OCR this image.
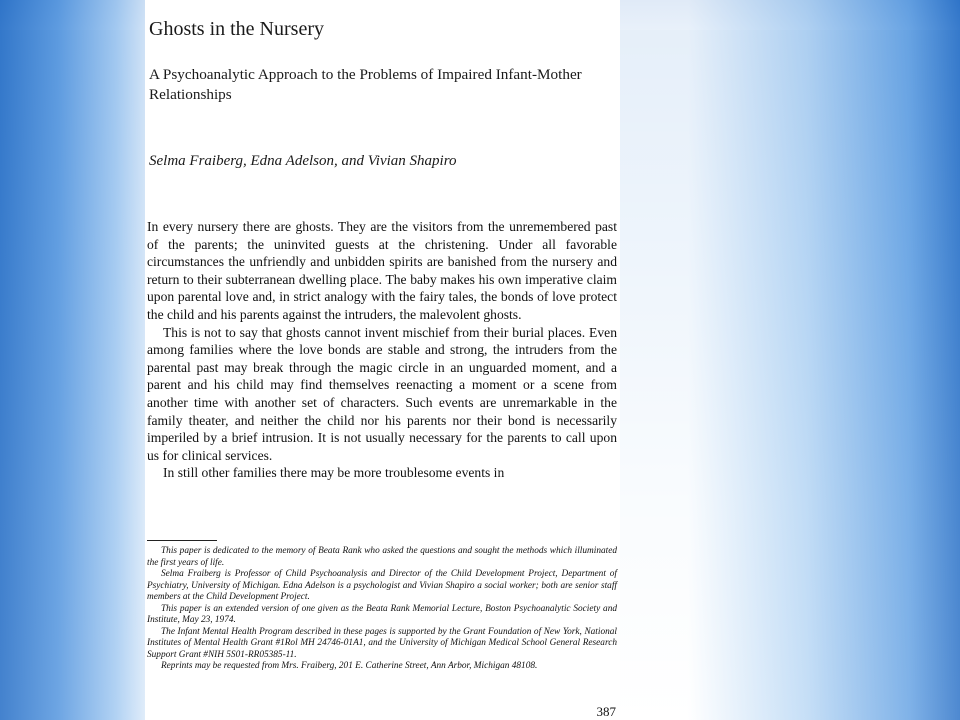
Ghosts in the Nursery
A Psychoanalytic Approach to the Problems of Impaired Infant-Mother Relationships
Selma Fraiberg, Edna Adelson, and Vivian Shapiro

In every nursery there are ghosts. They are the visitors from the unremembered past of the parents; the uninvited guests at the christening. Under all favorable circumstances the unfriendly and unbidden spirits are banished from the nursery and return to their subterranean dwelling place. The baby makes his own imperative claim upon parental love and, in strict analogy with the fairy tales, the bonds of love protect the child and his parents against the intruders, the malevolent ghosts.

This is not to say that ghosts cannot invent mischief from their burial places. Even among families where the love bonds are stable and strong, the intruders from the parental past may break through the magic circle in an unguarded moment, and a parent and his child may find themselves reenacting a moment or a scene from another time with another set of characters. Such events are unremarkable in the family theater, and neither the child nor his parents nor their bond is necessarily imperiled by a brief intrusion. It is not usually necessary for the parents to call upon us for clinical services.

In still other families there may be more troublesome events in

This paper is dedicated to the memory of Beata Rank who asked the questions and sought the methods which illuminated the first years of life.

Selma Fraiberg is Professor of Child Psychoanalysis and Director of the Child Development Project, Department of Psychiatry, University of Michigan. Edna Adelson is a psychologist and Vivian Shapiro a social worker; both are senior staff members at the Child Development Project.

This paper is an extended version of one given as the Beata Rank Memorial Lecture, Boston Psychoanalytic Society and Institute, May 23, 1974.

The Infant Mental Health Program described in these pages is supported by the Grant Foundation of New York, National Institutes of Mental Health Grant #1Rol MH 24746-01A1, and the University of Michigan Medical School General Research Support Grant #NIH 5S01-RR05385-11.

Reprints may be requested from Mrs. Fraiberg, 201 E. Catherine Street, Ann Arbor, Michigan 48108.

387
